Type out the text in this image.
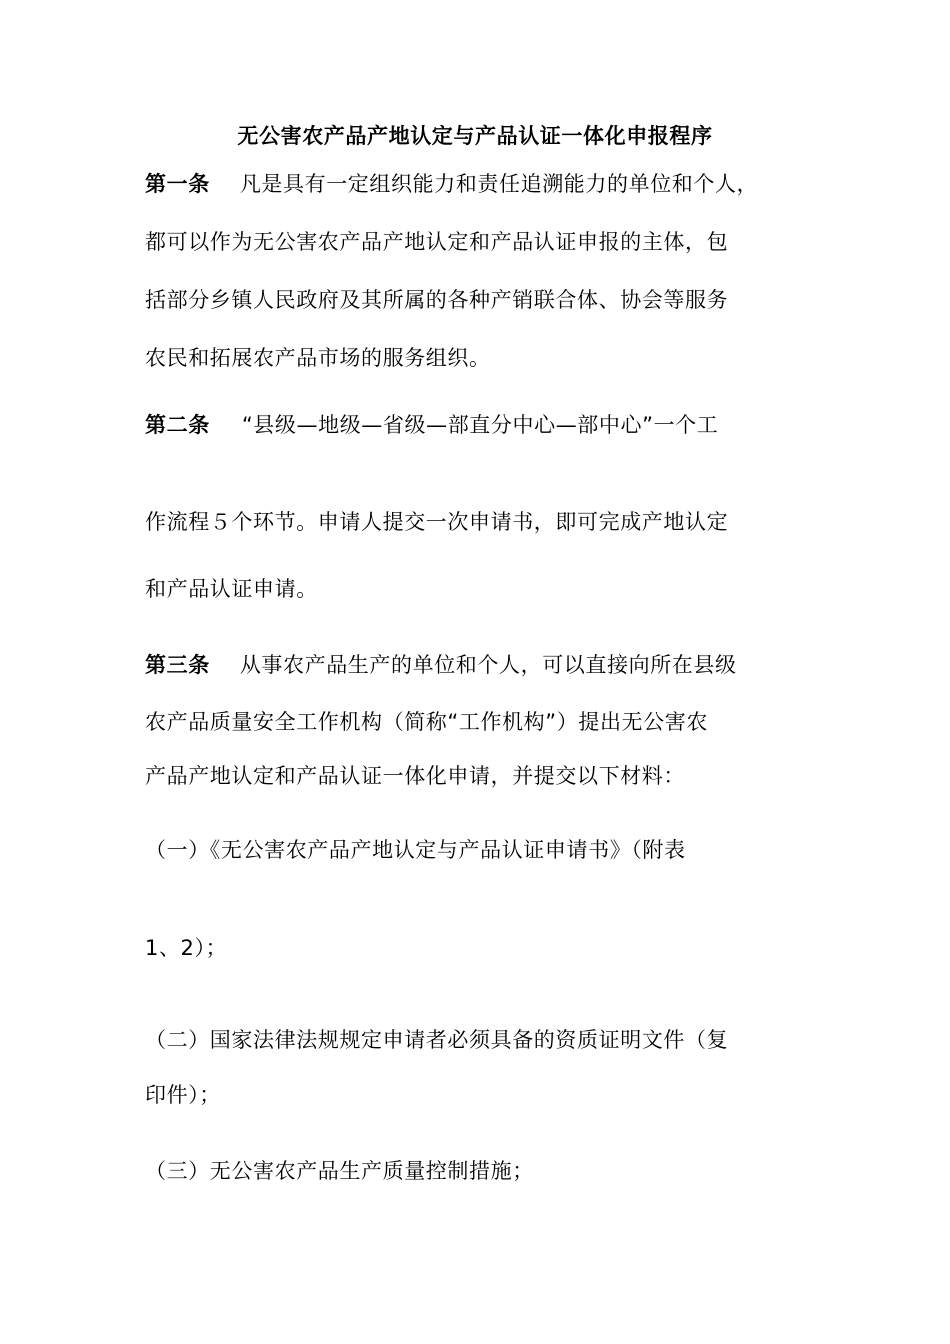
无公害农产品产地认定与产品认证一体化申报程序
第一条 凡是具有一定组织能力和责任追溯能力的单位和个人，
都可以作为无公害农产品产地认定和产品认证申报的主体，包
括部分乡镇人民政府及其所属的各种产销联合体、协会等服务
农民和拓展农产品市场的服务组织。
第二条 “县级—地级—省级—部直分中心—部中心”一个工
作流程５个环节。申请人提交一次申请书，即可完成产地认定
和产品认证申请。
第三条 从事农产品生产的单位和个人，可以直接向所在县级
农产品质量安全工作机构（简称“工作机构”）提出无公害农
产品产地认定和产品认证一体化申请，并提交以下材料：
（一）《无公害农产品产地认定与产品认证申请书》（附表
1、2）；
（二）国家法律法规规定申请者必须具备的资质证明文件（复
印件）；
（三）无公害农产品生产质量控制措施；
